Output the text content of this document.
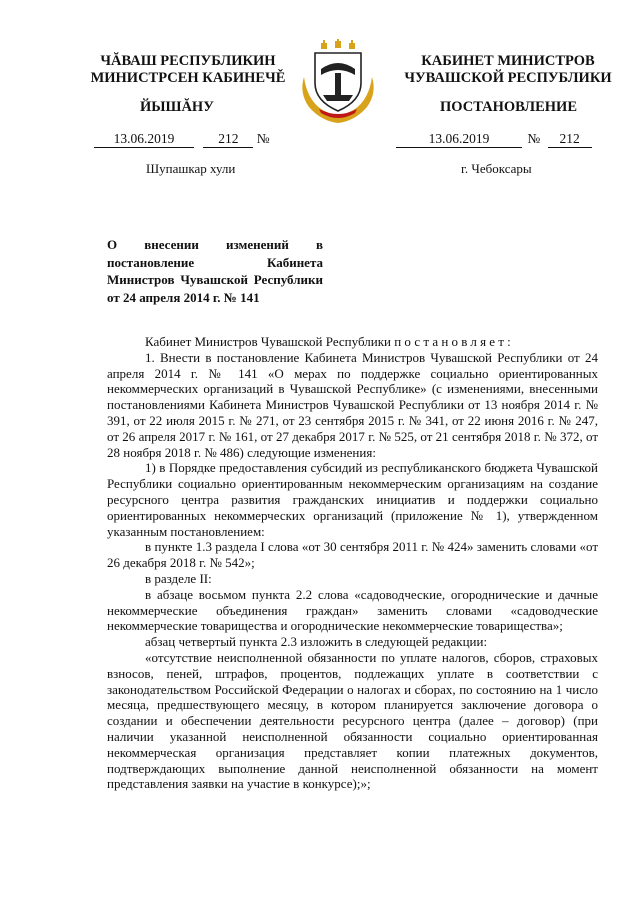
ЧĂВАШ РЕСПУБЛИКИН
МИНИСТРСЕН КАБИНЕЧĚ
ЙЫШĂНУ
КАБИНЕТ МИНИСТРОВ
ЧУВАШСКОЙ РЕСПУБЛИКИ
ПОСТАНОВЛЕНИЕ
13.06.2019	212 №	13.06.2019	№ 212
Шупашкар хули	г. Чебоксары
О внесении изменений в постановление Кабинета Министров Чувашской Республики от 24 апреля 2014 г. № 141

Кабинет Министров Чувашской Республики постановляет:

1. Внести в постановление Кабинета Министров Чувашской Республики от 24 апреля 2014 г. № 141 «О мерах по поддержке социально ориентированных некоммерческих организаций в Чувашской Республике» (с изменениями, внесенными постановлениями Кабинета Министров Чувашской Республики от 13 ноября 2014 г. № 391, от 22 июля 2015 г. № 271, от 23 сентября 2015 г. № 341, от 22 июня 2016 г. № 247, от 26 апреля 2017 г. № 161, от 27 декабря 2017 г. № 525, от 21 сентября 2018 г. № 372, от 28 ноября 2018 г. № 486) следующие изменения:

1) в Порядке предоставления субсидий из республиканского бюджета Чувашской Республики социально ориентированным некоммерческим организациям на создание ресурсного центра развития гражданских инициатив и поддержки социально ориентированных некоммерческих организаций (приложение № 1), утвержденном указанным постановлением:

в пункте 1.3 раздела I слова «от 30 сентября 2011 г. № 424» заменить словами «от 26 декабря 2018 г. № 542»;

в разделе II:

в абзаце восьмом пункта 2.2 слова «садоводческие, огороднические и дачные некоммерческие объединения граждан» заменить словами «садоводческие некоммерческие товарищества и огороднические некоммерческие товарищества»;

абзац четвертый пункта 2.3 изложить в следующей редакции:

«отсутствие неисполненной обязанности по уплате налогов, сборов, страховых взносов, пеней, штрафов, процентов, подлежащих уплате в соответствии с законодательством Российской Федерации о налогах и сборах, по состоянию на 1 число месяца, предшествующего месяцу, в котором планируется заключение договора о создании и обеспечении деятельности ресурсного центра (далее – договор) (при наличии указанной неисполненной обязанности социально ориентированная некоммерческая организация представляет копии платежных документов, подтверждающих выполнение данной неисполненной обязанности на момент представления заявки на участие в конкурсе);»;
